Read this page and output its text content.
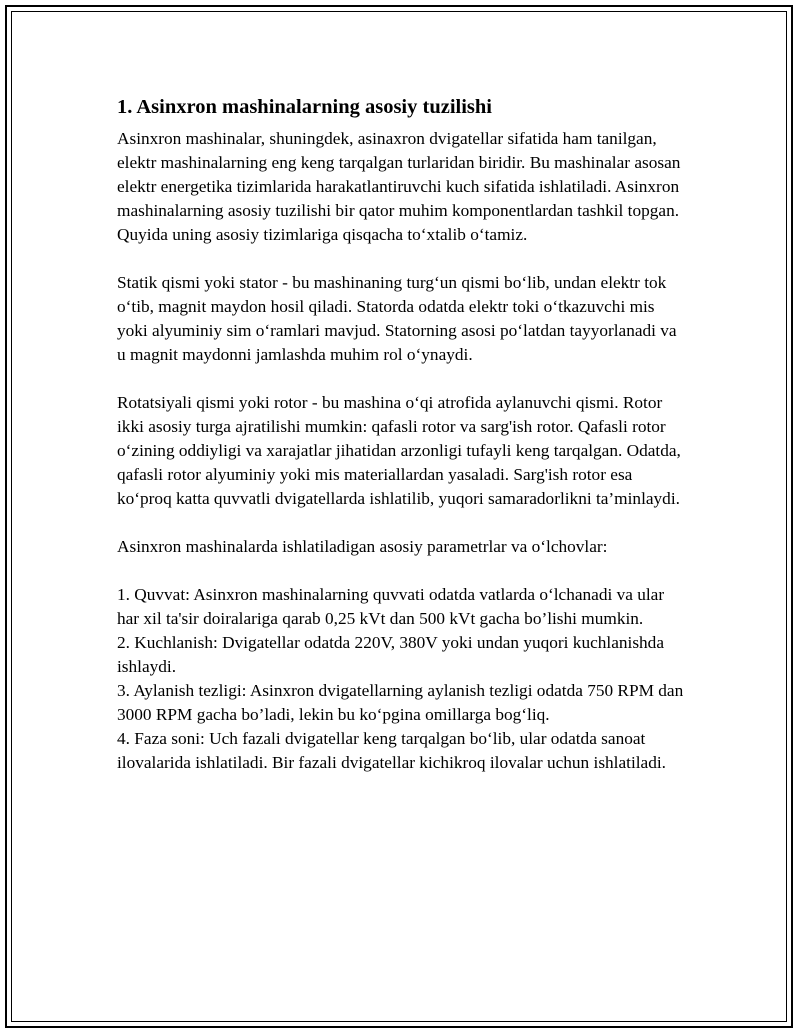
1. Asinxron mashinalarning asosiy tuzilishi

Asinxron mashinalar, shuningdek, asinaxron dvigatellar sifatida ham tanilgan, elektr mashinalarning eng keng tarqalgan turlaridan biridir. Bu mashinalar asosan elektr energetika tizimlarida harakatlantiruvchi kuch sifatida ishlatiladi. Asinxron mashinalarning asosiy tuzilishi bir qator muhim komponentlardan tashkil topgan. Quyida uning asosiy tizimlariga qisqacha to‘xtalib o‘tamiz.

Statik qismi yoki stator - bu mashinaning turg‘un qismi bo‘lib, undan elektr tok o‘tib, magnit maydon hosil qiladi. Statorda odatda elektr toki o‘tkazuvchi mis yoki alyuminiy sim o‘ramlari mavjud. Statorning asosi po‘latdan tayyorlanadi va u magnit maydonni jamlashda muhim rol o‘ynaydi.

Rotatsiyali qismi yoki rotor - bu mashina o‘qi atrofida aylanuvchi qismi. Rotor ikki asosiy turga ajratilishi mumkin: qafasli rotor va sarg'ish rotor. Qafasli rotor o‘zining oddiyligi va xarajatlar jihatidan arzonligi tufayli keng tarqalgan. Odatda, qafasli rotor alyuminiy yoki mis materiallardan yasaladi. Sarg'ish rotor esa ko‘proq katta quvvatli dvigatellarda ishlatilib, yuqori samaradorlikni ta’minlaydi.

Asinxron mashinalarda ishlatiladigan asosiy parametrlar va o‘lchovlar:

1. Quvvat: Asinxron mashinalarning quvvati odatda vatlarda o‘lchanadi va ular har xil ta'sir doiralariga qarab 0,25 kVt dan 500 kVt gacha bo’lishi mumkin.
2. Kuchlanish: Dvigatellar odatda 220V, 380V yoki undan yuqori kuchlanishda ishlaydi.
3. Aylanish tezligi: Asinxron dvigatellarning aylanish tezligi odatda 750 RPM dan 3000 RPM gacha bo’ladi, lekin bu ko‘pgina omillarga bog‘liq.
4. Faza soni: Uch fazali dvigatellar keng tarqalgan bo‘lib, ular odatda sanoat ilovalarida ishlatiladi. Bir fazali dvigatellar kichikroq ilovalar uchun ishlatiladi.
